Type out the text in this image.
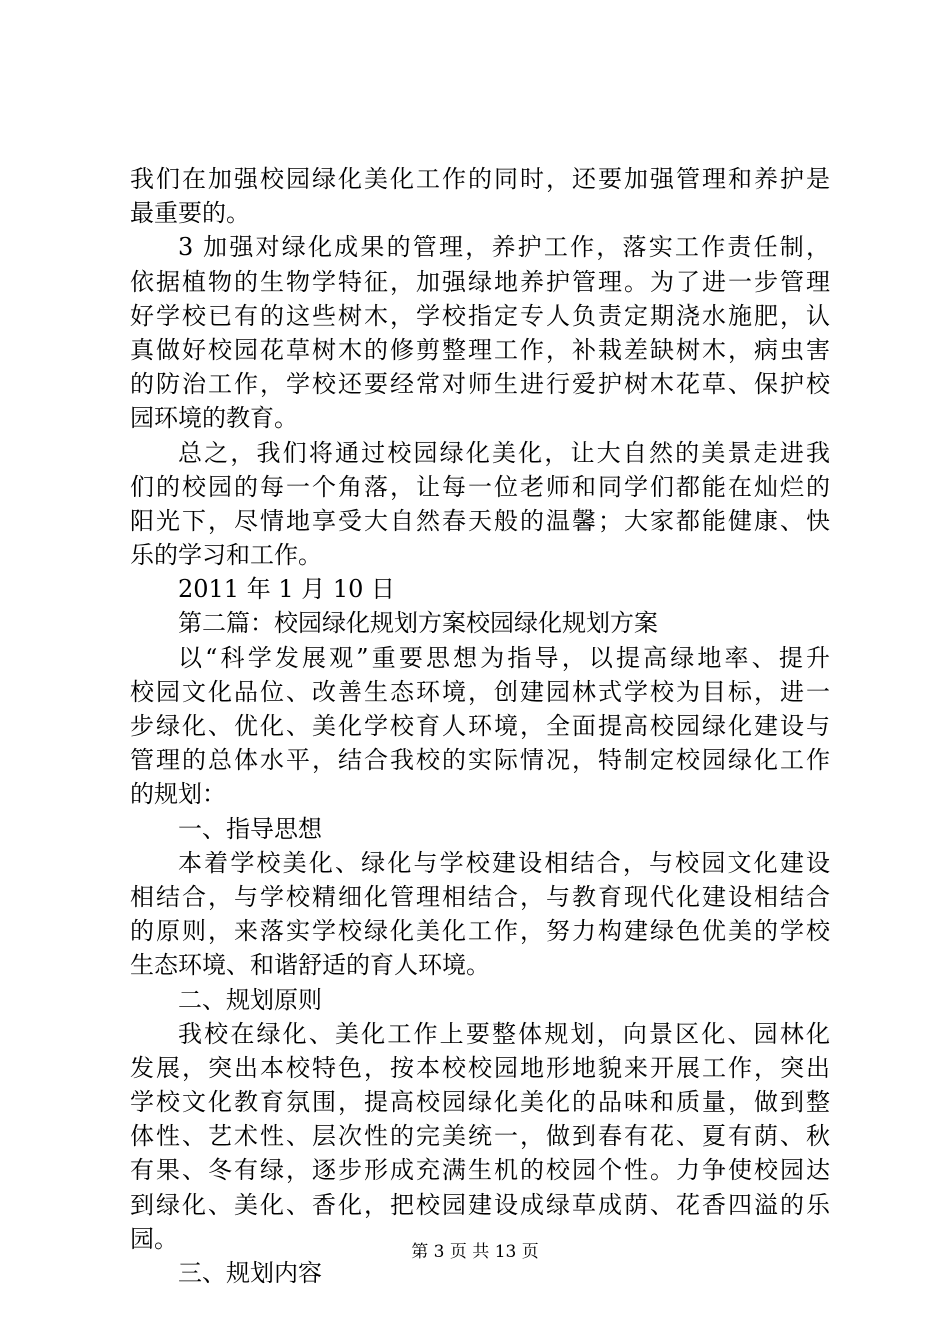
我们在加强校园绿化美化工作的同时，还要加强管理和养护是
最重要的。
3 加强对绿化成果的管理，养护工作，落实工作责任制，
依据植物的生物学特征，加强绿地养护管理。为了进一步管理
好学校已有的这些树木，学校指定专人负责定期浇水施肥，认
真做好校园花草树木的修剪整理工作，补栽差缺树木，病虫害
的防治工作，学校还要经常对师生进行爱护树木花草、保护校
园环境的教育。
总之，我们将通过校园绿化美化，让大自然的美景走进我
们的校园的每一个角落，让每一位老师和同学们都能在灿烂的
阳光下，尽情地享受大自然春天般的温馨；大家都能健康、快
乐的学习和工作。
2011 年 1 月 10 日
第二篇：校园绿化规划方案校园绿化规划方案
以“科学发展观”重要思想为指导，以提高绿地率、提升
校园文化品位、改善生态环境，创建园林式学校为目标，进一
步绿化、优化、美化学校育人环境，全面提高校园绿化建设与
管理的总体水平，结合我校的实际情况，特制定校园绿化工作
的规划：
一、指导思想
本着学校美化、绿化与学校建设相结合，与校园文化建设
相结合，与学校精细化管理相结合，与教育现代化建设相结合
的原则，来落实学校绿化美化工作，努力构建绿色优美的学校
生态环境、和谐舒适的育人环境。
二、规划原则
我校在绿化、美化工作上要整体规划，向景区化、园林化
发展，突出本校特色，按本校校园地形地貌来开展工作，突出
学校文化教育氛围，提高校园绿化美化的品味和质量，做到整
体性、艺术性、层次性的完美统一，做到春有花、夏有荫、秋
有果、冬有绿，逐步形成充满生机的校园个性。力争使校园达
到绿化、美化、香化，把校园建设成绿草成荫、花香四溢的乐
园。
三、规划内容
第 3 页 共 13 页
